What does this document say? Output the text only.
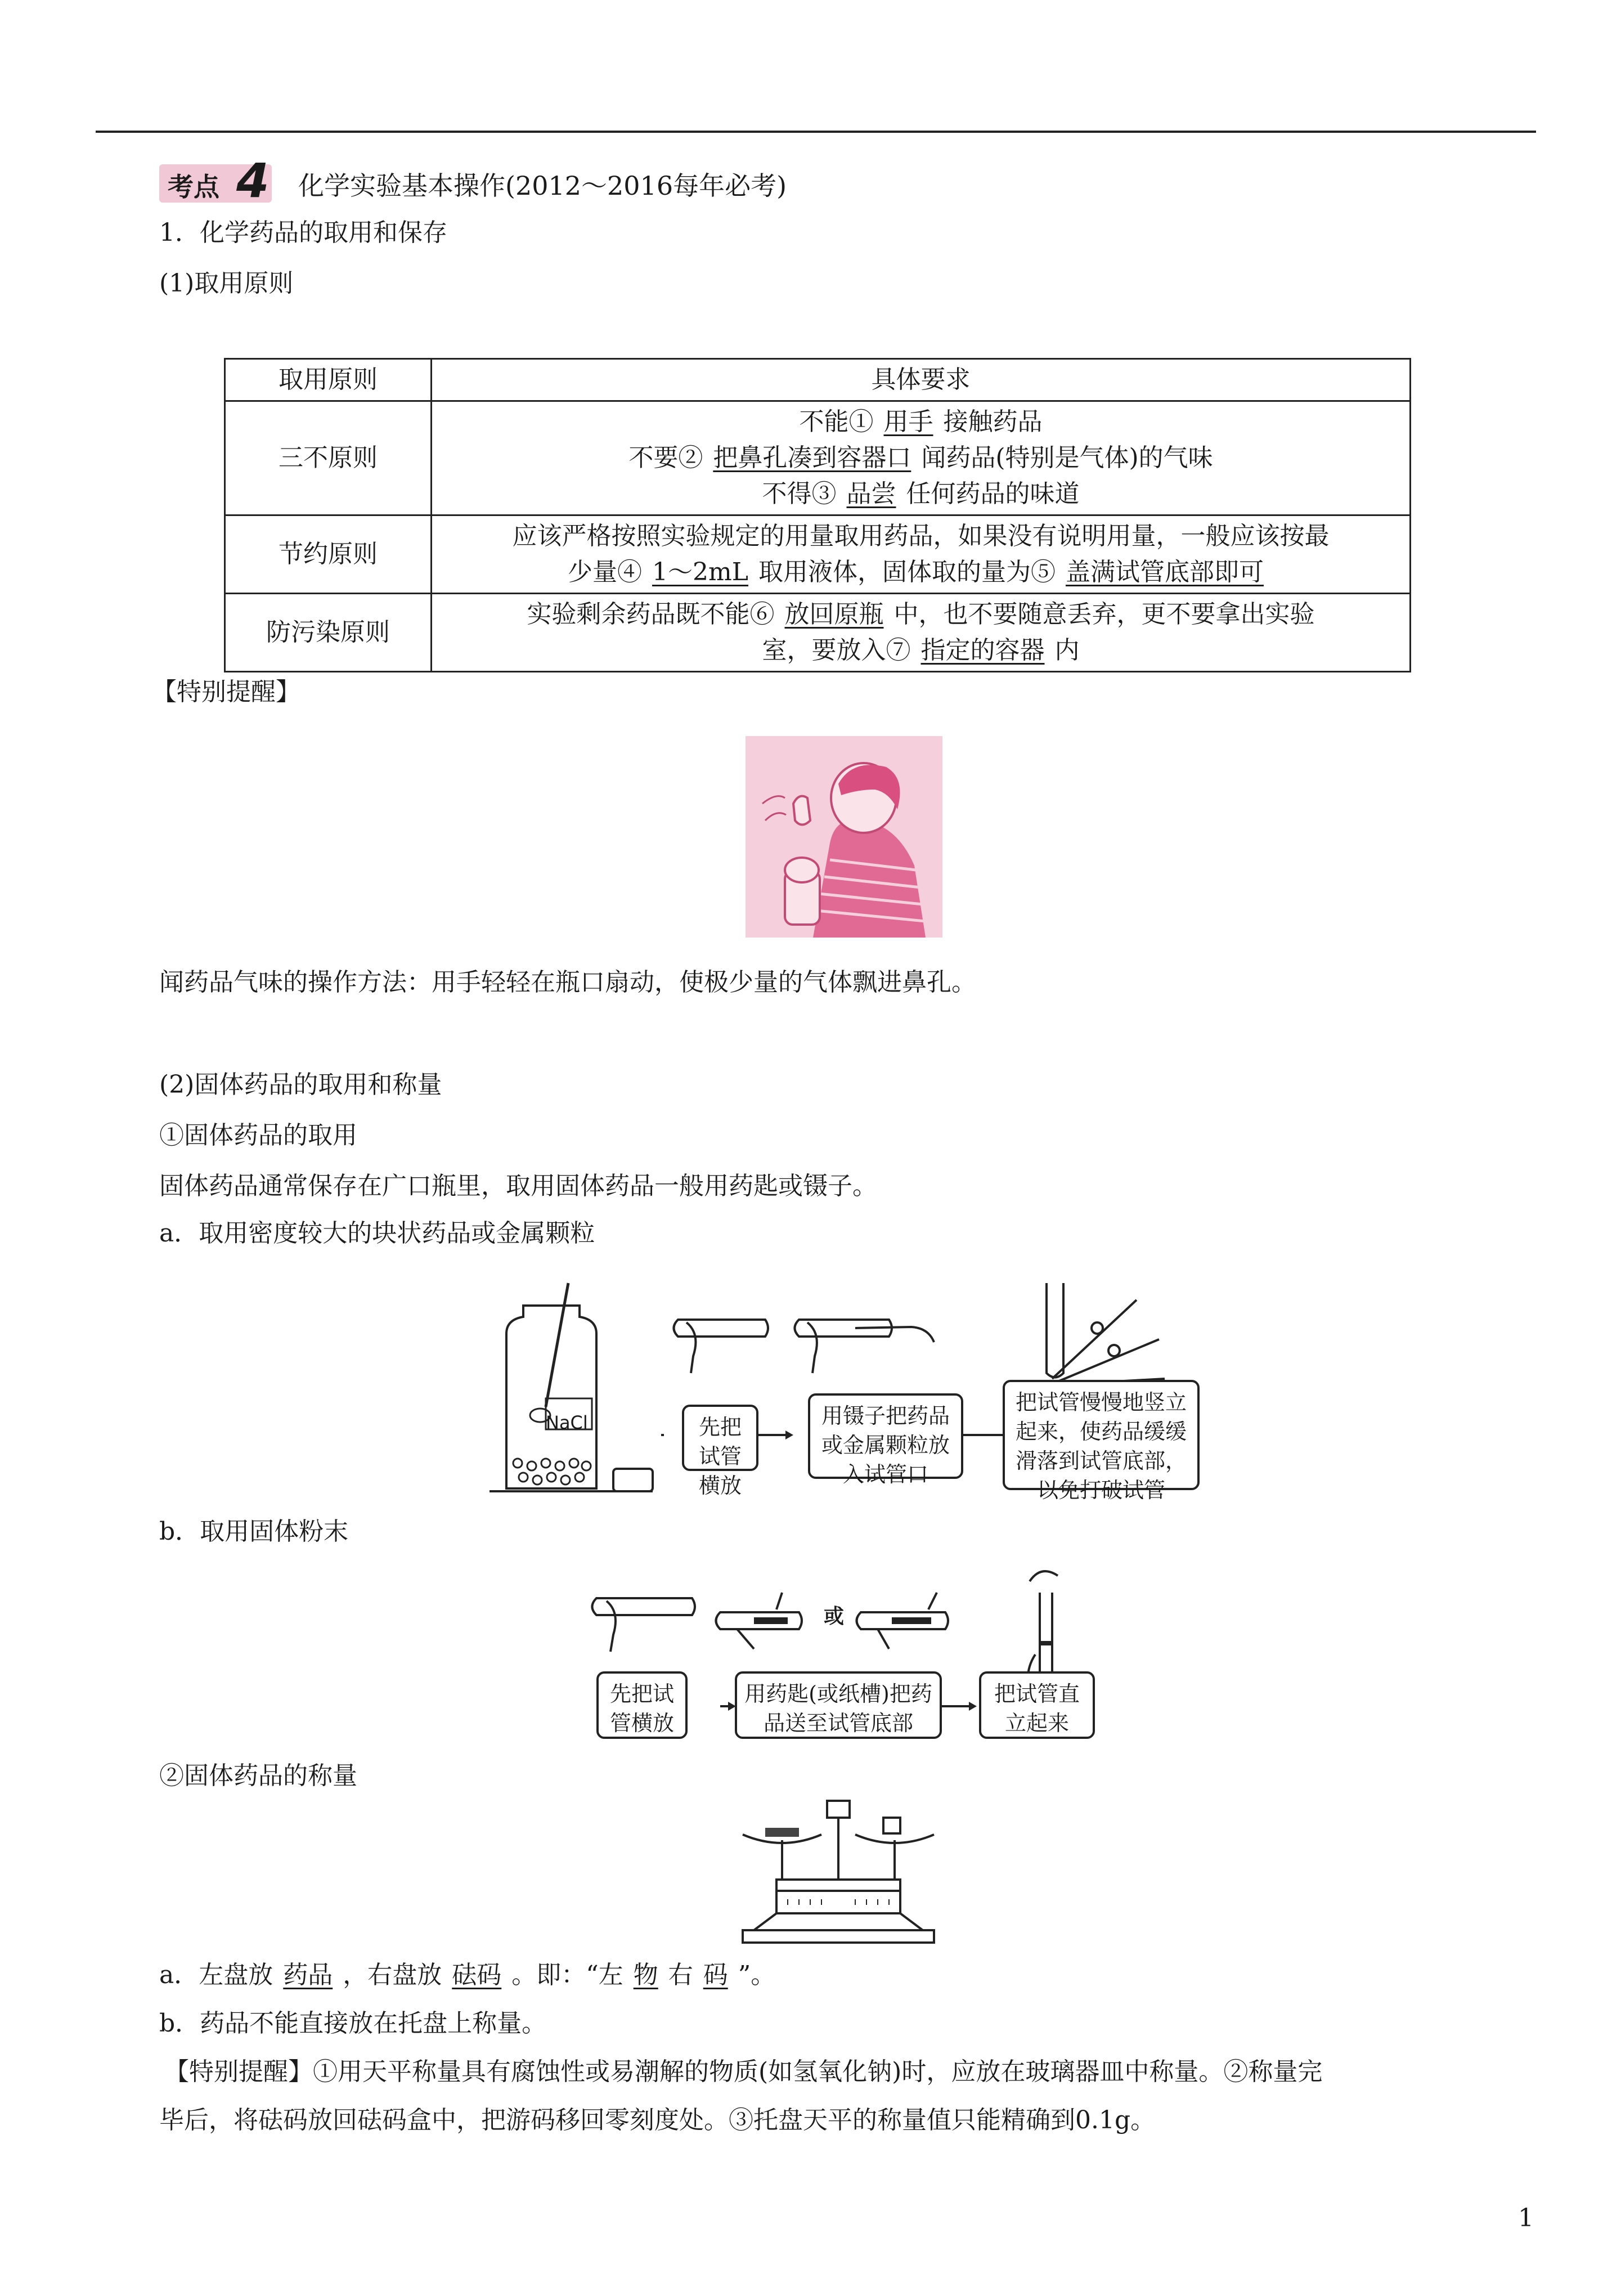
考点 4 化学实验基本操作(2012～2016每年必考)
1．化学药品的取用和保存
(1)取用原则
取用原则	具体要求
三不原则	不能① 用手 接触药品
不要② 把鼻孔凑到容器口 闻药品(特别是气体)的气味
不得③ 品尝 任何药品的味道

节约原则	应该严格按照实验规定的用量取用药品，如果没有说明用量，一般应该按最
少量④ 1～2mL 取用液体，固体取的量为⑤ 盖满试管底部即可

防污染原则	实验剩余药品既不能⑥ 放回原瓶 中，也不要随意丢弃，更不要拿出实验
室，要放入⑦ 指定的容器 内
【特别提醒】
闻药品气味的操作方法：用手轻轻在瓶口扇动，使极少量的气体飘进鼻孔。
(2)固体药品的取用和称量
①固体药品的取用
固体药品通常保存在广口瓶里，取用固体药品一般用药匙或镊子。
a．取用密度较大的块状药品或金属颗粒
先把试管横放
用镊子把药品或金属颗粒放入试管口
把试管慢慢地竖立起来，使药品缓缓滑落到试管底部，以免打破试管
NaCl
b．取用固体粉末
或
先把试管横放
用药匙(或纸槽)把药品送至试管底部
把试管直立起来
②固体药品的称量
a．左盘放 药品 ，右盘放 砝码 。即：“左 物 右 码 ”。
b．药品不能直接放在托盘上称量。
【特别提醒】①用天平称量具有腐蚀性或易潮解的物质(如氢氧化钠)时，应放在玻璃器皿中称量。②称量完
毕后，将砝码放回砝码盒中，把游码移回零刻度处。③托盘天平的称量值只能精确到0.1g。
1
